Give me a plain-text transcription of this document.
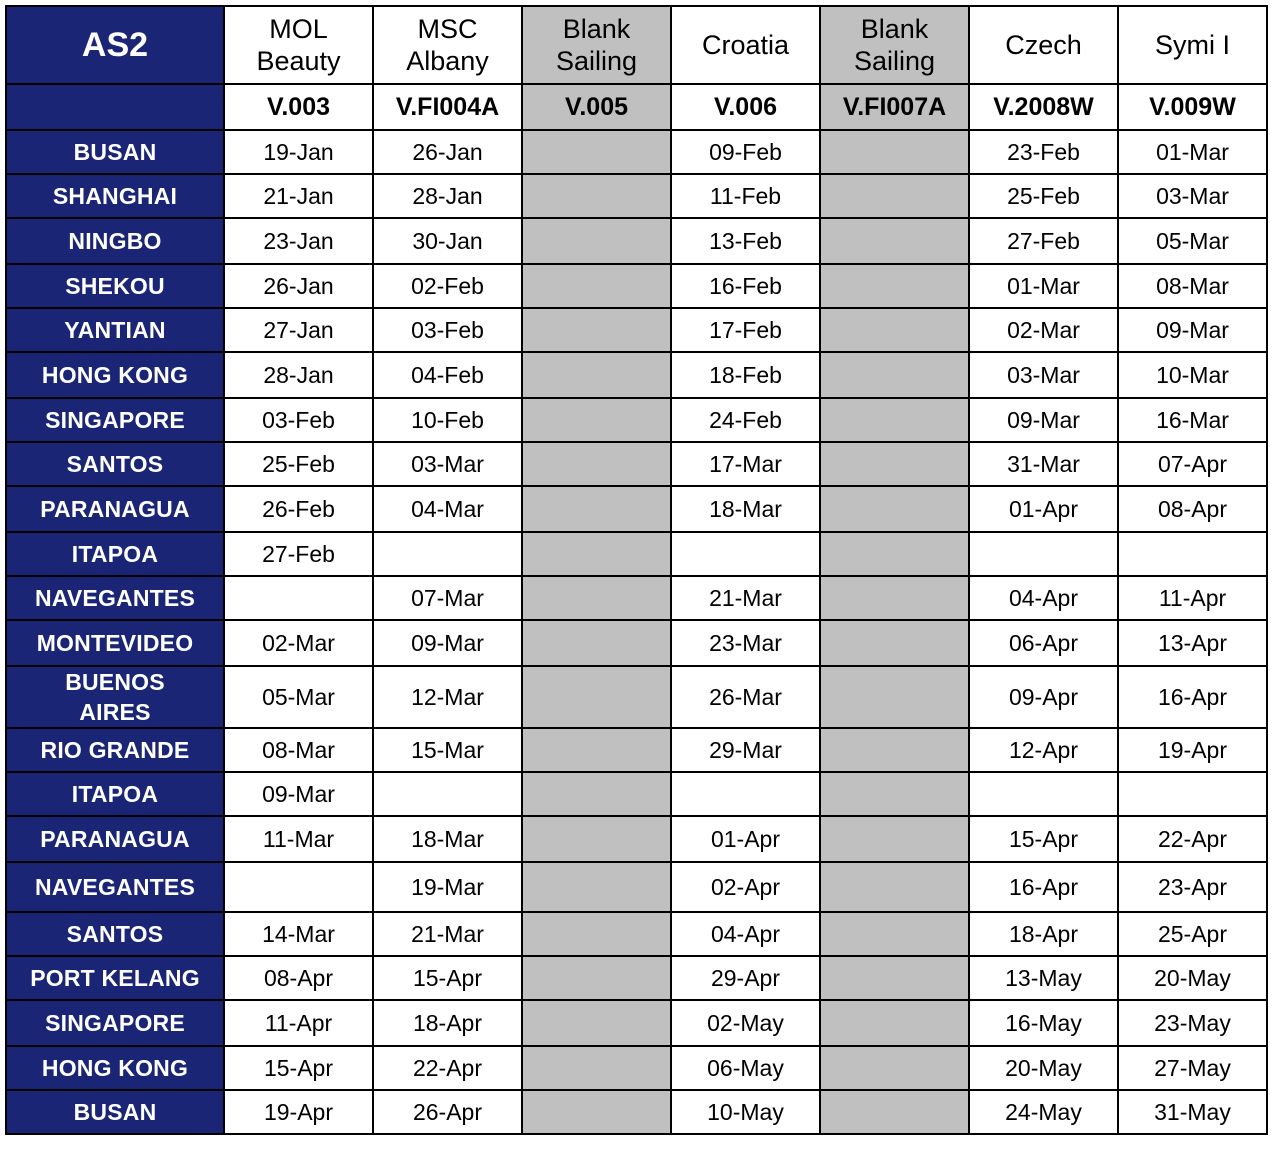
AS2	MOL Beauty	MSC Albany	Blank Sailing	Croatia	Blank Sailing	Czech	Symi I

	V.003	V.FI004A	V.005	V.006	V.FI007A	V.2008W	V.009W

BUSAN	19-Jan	26-Jan		09-Feb		23-Feb	01-Mar

SHANGHAI	21-Jan	28-Jan		11-Feb		25-Feb	03-Mar

NINGBO	23-Jan	30-Jan		13-Feb		27-Feb	05-Mar

SHEKOU	26-Jan	02-Feb		16-Feb		01-Mar	08-Mar

YANTIAN	27-Jan	03-Feb		17-Feb		02-Mar	09-Mar

HONG KONG	28-Jan	04-Feb		18-Feb		03-Mar	10-Mar

SINGAPORE	03-Feb	10-Feb		24-Feb		09-Mar	16-Mar

SANTOS	25-Feb	03-Mar		17-Mar		31-Mar	07-Apr

PARANAGUA	26-Feb	04-Mar		18-Mar		01-Apr	08-Apr

ITAPOA	27-Feb						

NAVEGANTES		07-Mar		21-Mar		04-Apr	11-Apr

MONTEVIDEO	02-Mar	09-Mar		23-Mar		06-Apr	13-Apr

BUENOS AIRES	05-Mar	12-Mar		26-Mar		09-Apr	16-Apr

RIO GRANDE	08-Mar	15-Mar		29-Mar		12-Apr	19-Apr

ITAPOA	09-Mar						

PARANAGUA	11-Mar	18-Mar		01-Apr		15-Apr	22-Apr

NAVEGANTES		19-Mar		02-Apr		16-Apr	23-Apr

SANTOS	14-Mar	21-Mar		04-Apr		18-Apr	25-Apr

PORT KELANG	08-Apr	15-Apr		29-Apr		13-May	20-May

SINGAPORE	11-Apr	18-Apr		02-May		16-May	23-May

HONG KONG	15-Apr	22-Apr		06-May		20-May	27-May

BUSAN	19-Apr	26-Apr		10-May		24-May	31-May
